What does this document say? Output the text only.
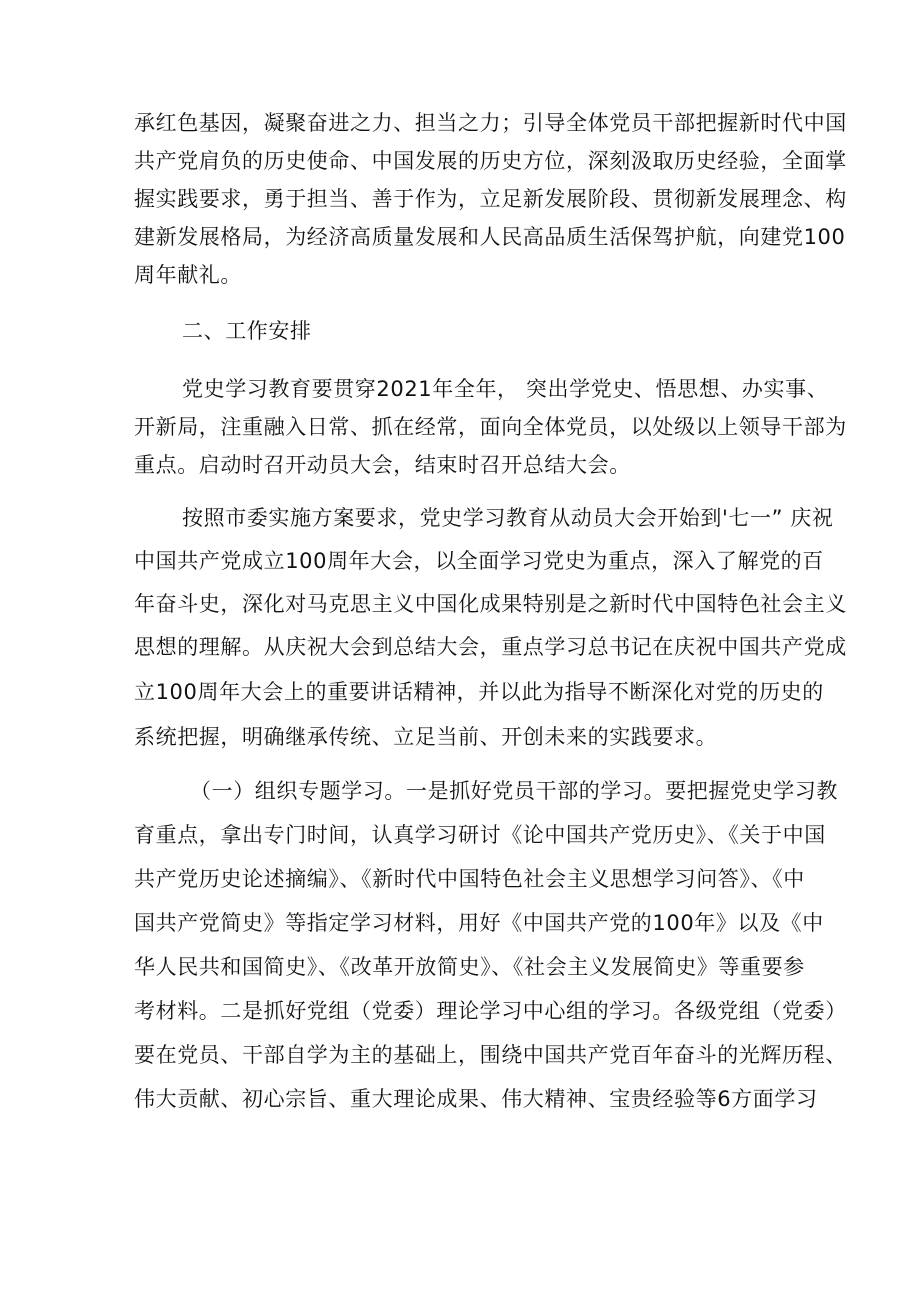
承红色基因，凝聚奋进之力、担当之力；引导全体党员干部把握新时代中国
共产党肩负的历史使命、中国发展的历史方位，深刻汲取历史经验，全面掌
握实践要求，勇于担当、善于作为，立足新发展阶段、贯彻新发展理念、构
建新发展格局，为经济高质量发展和人民高品质生活保驾护航，向建党100
周年献礼。
二、工作安排
党史学习教育要贯穿2021年全年， 突出学党史、悟思想、办实事、
开新局，注重融入日常、抓在经常，面向全体党员，以处级以上领导干部为
重点。启动时召开动员大会，结束时召开总结大会。
按照市委实施方案要求，党史学习教育从动员大会开始到'七一” 庆祝
中国共产党成立100周年大会，以全面学习党史为重点，深入了解党的百
年奋斗史，深化对马克思主义中国化成果特别是之新时代中国特色社会主义
思想的理解。从庆祝大会到总结大会，重点学习总书记在庆祝中国共产党成
立100周年大会上的重要讲话精神，并以此为指导不断深化对党的历史的
系统把握，明确继承传统、立足当前、开创未来的实践要求。
（一）组织专题学习。一是抓好党员干部的学习。要把握党史学习教
育重点，拿出专门时间，认真学习研讨《论中国共产党历史》、《关于中国
共产党历史论述摘编》、《新时代中国特色社会主义思想学习问答》、《中
国共产党简史》等指定学习材料，用好《中国共产党的100年》以及《中
华人民共和国简史》、《改革开放简史》、《社会主义发展简史》等重要参
考材料。二是抓好党组（党委）理论学习中心组的学习。各级党组（党委）
要在党员、干部自学为主的基础上，围绕中国共产党百年奋斗的光辉历程、
伟大贡献、初心宗旨、重大理论成果、伟大精神、宝贵经验等6方面学习
